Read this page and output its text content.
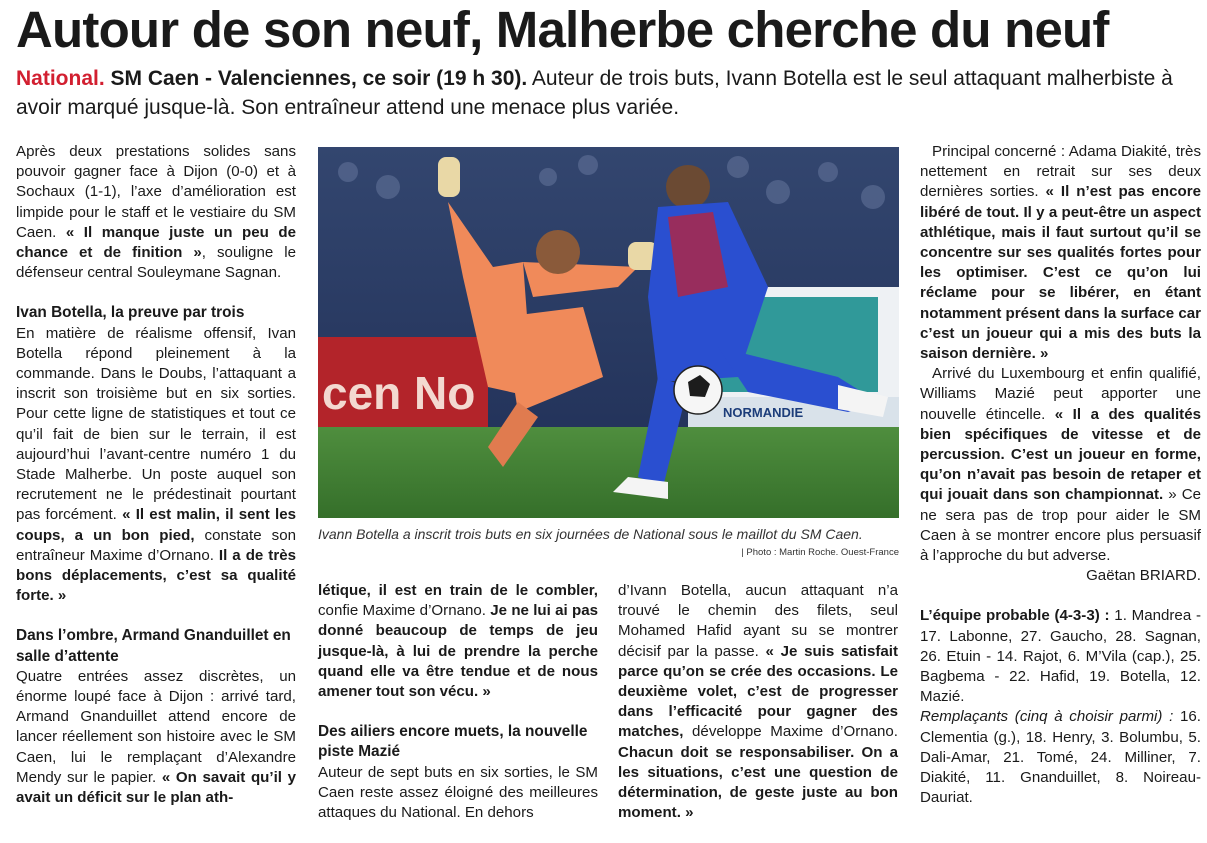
Autour de son neuf, Malherbe cherche du neuf

National. SM Caen - Valenciennes, ce soir (19 h 30). Auteur de trois buts, Ivann Botella est le seul attaquant malherbiste à avoir marqué jusque-là. Son entraîneur attend une menace plus variée.

Après deux prestations solides sans pouvoir gagner face à Dijon (0-0) et à Sochaux (1-1), l’axe d’amélioration est limpide pour le staff et le vestiaire du SM Caen. « Il manque juste un peu de chance et de finition », souligne le défenseur central Souleymane Sagnan.

Ivan Botella, la preuve par trois

En matière de réalisme offensif, Ivan Botella répond pleinement à la commande. Dans le Doubs, l’attaquant a inscrit son troisième but en six sorties. Pour cette ligne de statistiques et tout ce qu’il fait de bien sur le terrain, il est aujourd’hui l’avant-centre numéro 1 du Stade Malherbe. Un poste auquel son recrutement ne le prédestinait pourtant pas forcément. « Il est malin, il sent les coups, a un bon pied, constate son entraîneur Maxime d’Ornano. Il a de très bons déplacements, c’est sa qualité forte. »

Dans l’ombre, Armand Gnanduillet en salle d’attente

Quatre entrées assez discrètes, un énorme loupé face à Dijon : arrivé tard, Armand Gnanduillet attend encore de lancer réellement son histoire avec le SM Caen, lui le remplaçant d’Alexandre Mendy sur le papier. « On savait qu’il y avait un déficit sur le plan ath-

cen No	NORMANDIE
Ivann Botella a inscrit trois buts en six journées de National sous le maillot du SM Caen.
| Photo : Martin Roche. Ouest-France

létique, il est en train de le combler, confie Maxime d’Ornano. Je ne lui ai pas donné beaucoup de temps de jeu jusque-là, à lui de prendre la perche quand elle va être tendue et de nous amener tout son vécu. »

Des ailiers encore muets, la nouvelle piste Mazié

Auteur de sept buts en six sorties, le SM Caen reste assez éloigné des meilleures attaques du National. En dehors

d’Ivann Botella, aucun attaquant n’a trouvé le chemin des filets, seul Mohamed Hafid ayant su se montrer décisif par la passe. « Je suis satisfait parce qu’on se crée des occasions. Le deuxième volet, c’est de progresser dans l’efficacité pour gagner des matches, développe Maxime d’Ornano. Chacun doit se responsabiliser. On a les situations, c’est une question de détermination, de geste juste au bon moment. »

Principal concerné : Adama Diakité, très nettement en retrait sur ses deux dernières sorties. « Il n’est pas encore libéré de tout. Il y a peut-être un aspect athlétique, mais il faut surtout qu’il se concentre sur ses qualités fortes pour les optimiser. C’est ce qu’on lui réclame pour se libérer, en étant notamment présent dans la surface car c’est un joueur qui a mis des buts la saison dernière. »

Arrivé du Luxembourg et enfin qualifié, Williams Mazié peut apporter une nouvelle étincelle. « Il a des qualités bien spécifiques de vitesse et de percussion. C’est un joueur en forme, qu’on n’avait pas besoin de retaper et qui jouait dans son championnat. » Ce ne sera pas de trop pour aider le SM Caen à se montrer encore plus persuasif à l’approche du but adverse.

Gaëtan BRIARD.

L’équipe probable (4-3-3) : 1. Mandrea - 17. Labonne, 27. Gaucho, 28. Sagnan, 26. Etuin - 14. Rajot, 6. M’Vila (cap.), 25. Bagbema - 22. Hafid, 19. Botella, 12. Mazié.

Remplaçants (cinq à choisir parmi) : 16. Clementia (g.), 18. Henry, 3. Bolumbu, 5. Dali-Amar, 21. Tomé, 24. Milliner, 7. Diakité, 11. Gnanduillet, 8. Noireau-Dauriat.
